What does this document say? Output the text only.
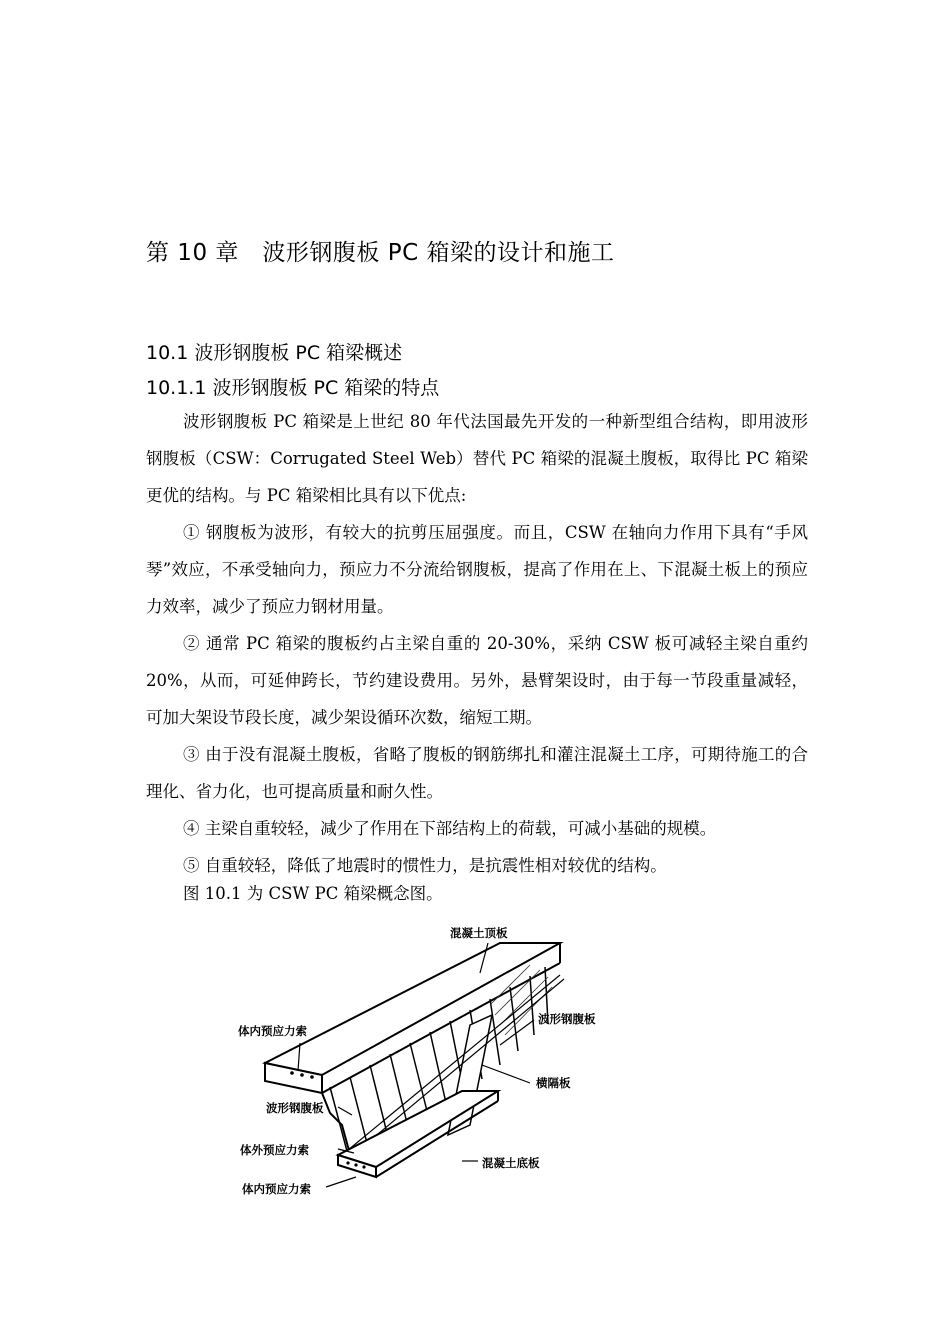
第 10 章　波形钢腹板 PC 箱梁的设计和施工
10.1 波形钢腹板 PC 箱梁概述
10.1.1 波形钢腹板 PC 箱梁的特点

波形钢腹板 PC 箱梁是上世纪 80 年代法国最先开发的一种新型组合结构，即用波形钢腹板（CSW：Corrugated Steel Web）替代 PC 箱梁的混凝土腹板，取得比 PC 箱梁更优的结构。与 PC 箱梁相比具有以下优点:

① 钢腹板为波形，有较大的抗剪压屈强度。而且，CSW 在轴向力作用下具有“手风琴”效应，不承受轴向力，预应力不分流给钢腹板，提高了作用在上、下混凝土板上的预应力效率，减少了预应力钢材用量。

② 通常 PC 箱梁的腹板约占主梁自重的 20-30%，采纳 CSW 板可减轻主梁自重约 20%，从而，可延伸跨长，节约建设费用。另外，悬臂架设时，由于每一节段重量减轻，可加大架设节段长度，减少架设循环次数，缩短工期。

③ 由于没有混凝土腹板，省略了腹板的钢筋绑扎和灌注混凝土工序，可期待施工的合理化、省力化，也可提高质量和耐久性。

④ 主梁自重较轻，减少了作用在下部结构上的荷载，可减小基础的规模。

⑤ 自重较轻，降低了地震时的惯性力，是抗震性相对较优的结构。

图 10.1 为 CSW PC 箱梁概念图。

混凝土顶板
体内预应力索
波形钢腹板
横隔板
波形钢腹板
体外预应力索
混凝土底板
体内预应力索
